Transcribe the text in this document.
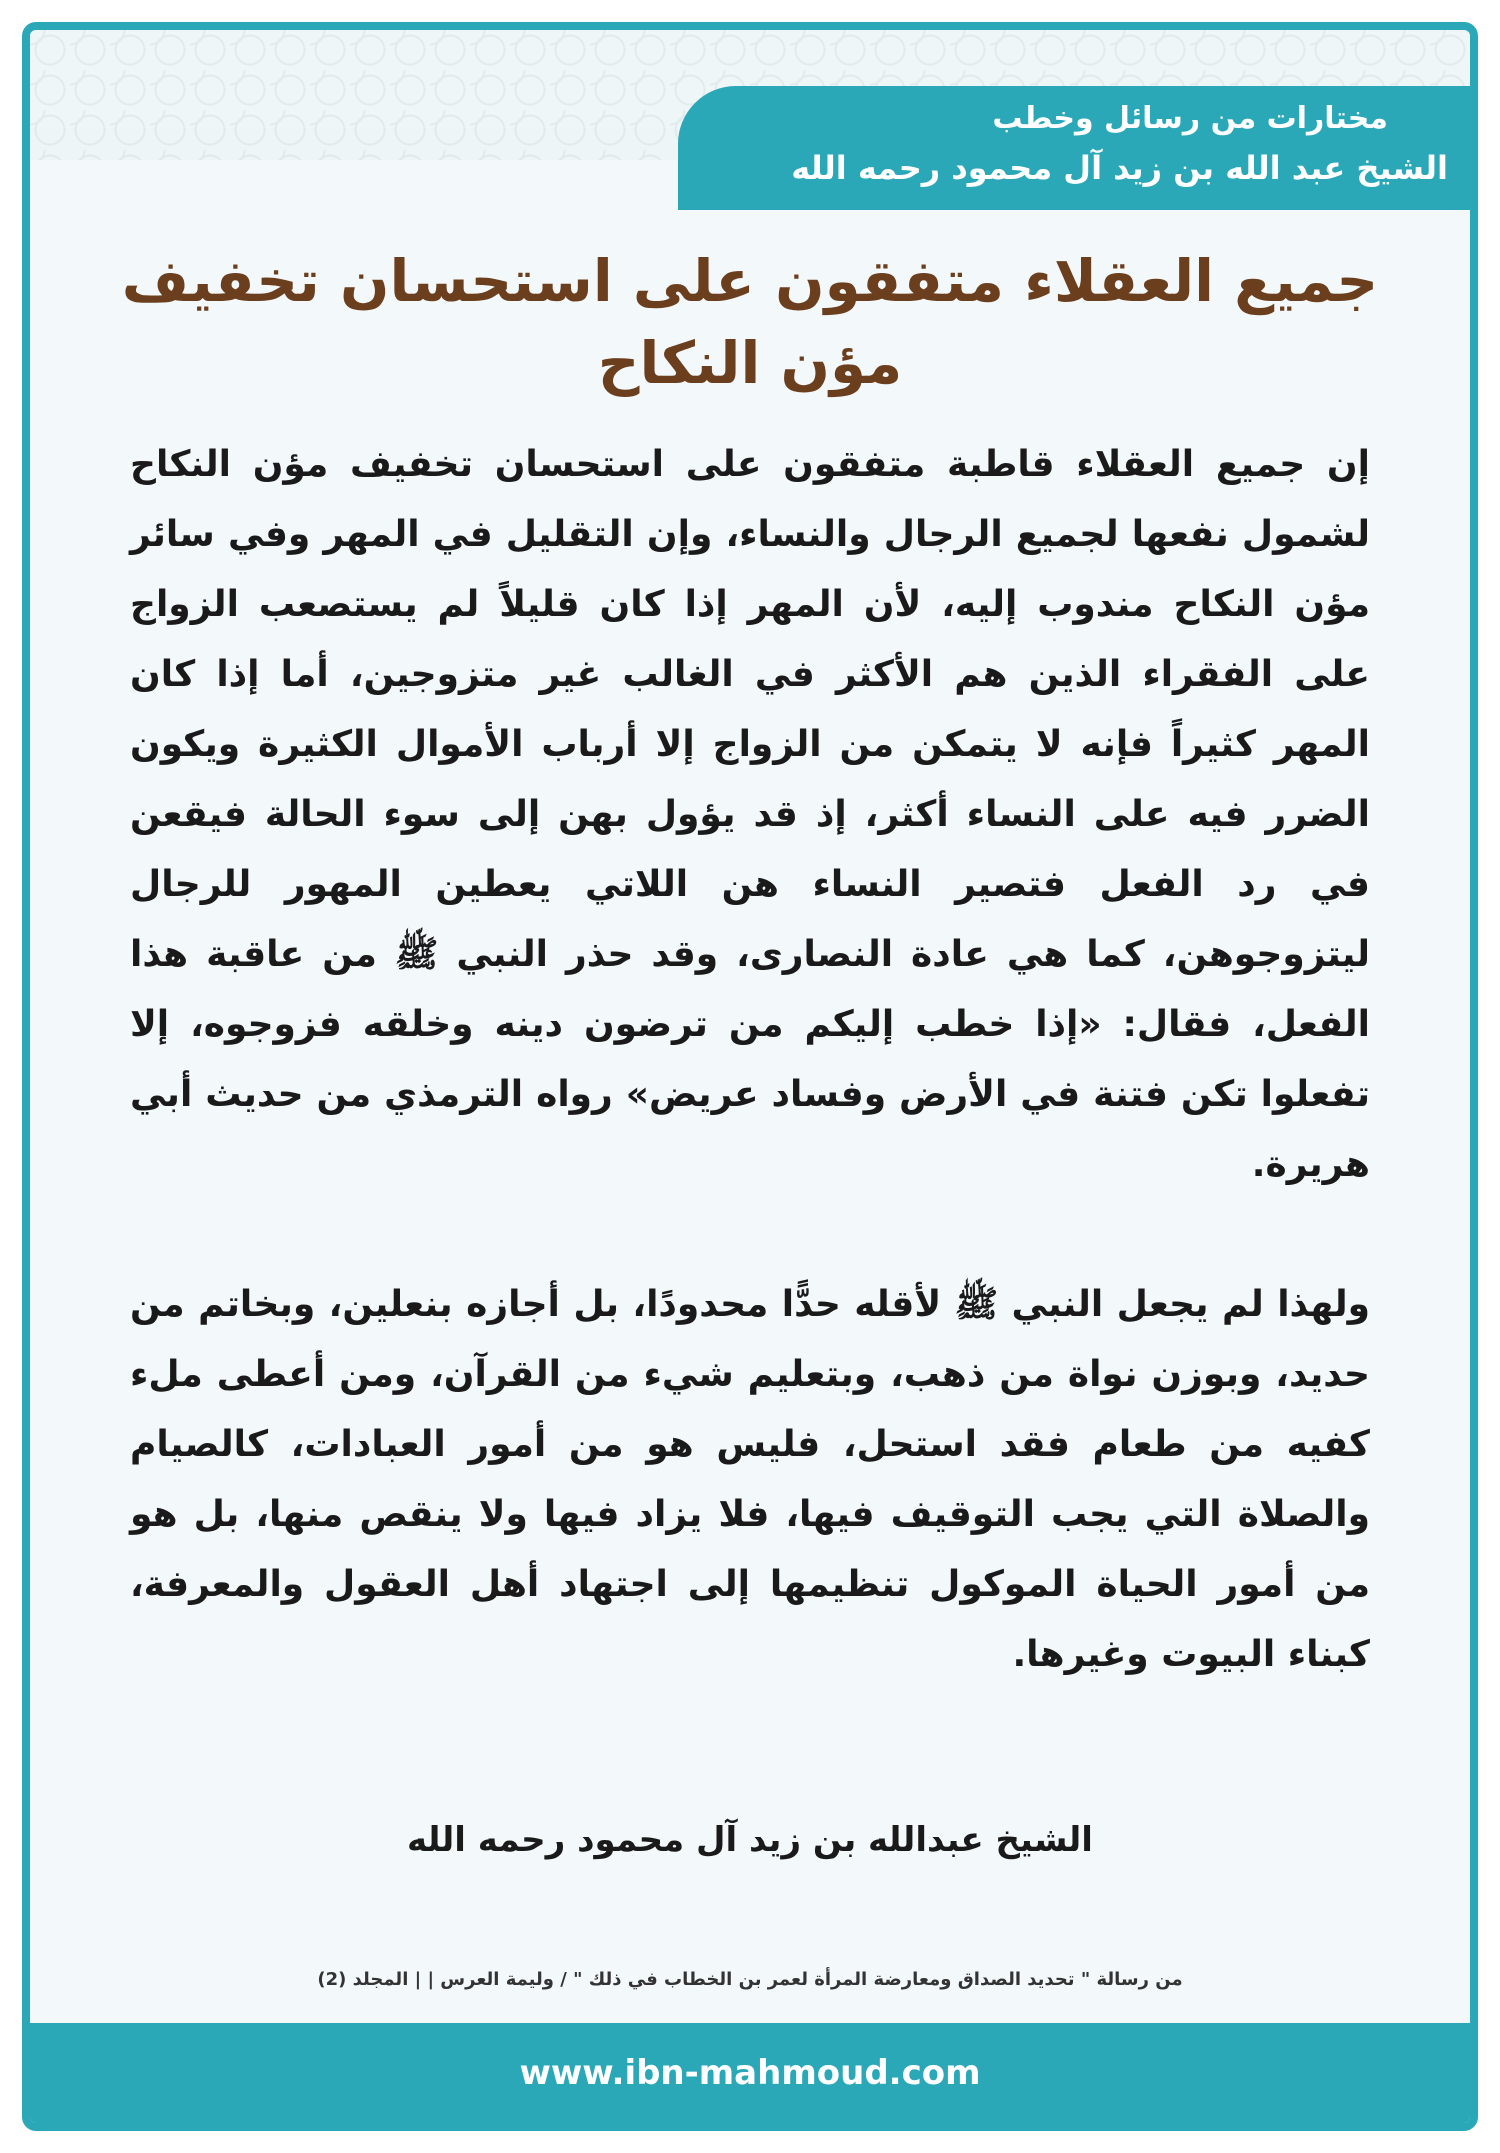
مختارات من رسائل وخطب
الشيخ عبد الله بن زيد آل محمود رحمه الله
جميع العقلاء متفقون على استحسان تخفيف مؤن النكاح

إن جميع العقلاء قاطبة متفقون على استحسان تخفيف مؤن النكاح لشمول نفعها لجميع الرجال والنساء، وإن التقليل في المهر وفي سائر مؤن النكاح مندوب إليه، لأن المهر إذا كان قليلاً لم يستصعب الزواج على الفقراء الذين هم الأكثر في الغالب غير متزوجين، أما إذا كان المهر كثيراً فإنه لا يتمكن من الزواج إلا أرباب الأموال الكثيرة ويكون الضرر فيه على النساء أكثر، إذ قد يؤول بهن إلى سوء الحالة فيقعن في رد الفعل فتصير النساء هن اللاتي يعطين المهور للرجال ليتزوجوهن، كما هي عادة النصارى، وقد حذر النبي ﷺ من عاقبة هذا الفعل، فقال: «إذا خطب إليكم من ترضون دينه وخلقه فزوجوه، إلا تفعلوا تكن فتنة في الأرض وفساد عريض» رواه الترمذي من حديث أبي هريرة.

ولهذا لم يجعل النبي ﷺ لأقله حدًّا محدودًا، بل أجازه بنعلين، وبخاتم من حديد، وبوزن نواة من ذهب، وبتعليم شيء من القرآن، ومن أعطى ملء كفيه من طعام فقد استحل، فليس هو من أمور العبادات، كالصيام والصلاة التي يجب التوقيف فيها، فلا يزاد فيها ولا ينقص منها، بل هو من أمور الحياة الموكول تنظيمها إلى اجتهاد أهل العقول والمعرفة، كبناء البيوت وغيرها.

الشيخ عبدالله بن زيد آل محمود رحمه الله
من رسالة " تحديد الصداق ومعارضة المرأة لعمر بن الخطاب في ذلك " / وليمة العرس | | المجلد (2)
www.ibn-mahmoud.com
